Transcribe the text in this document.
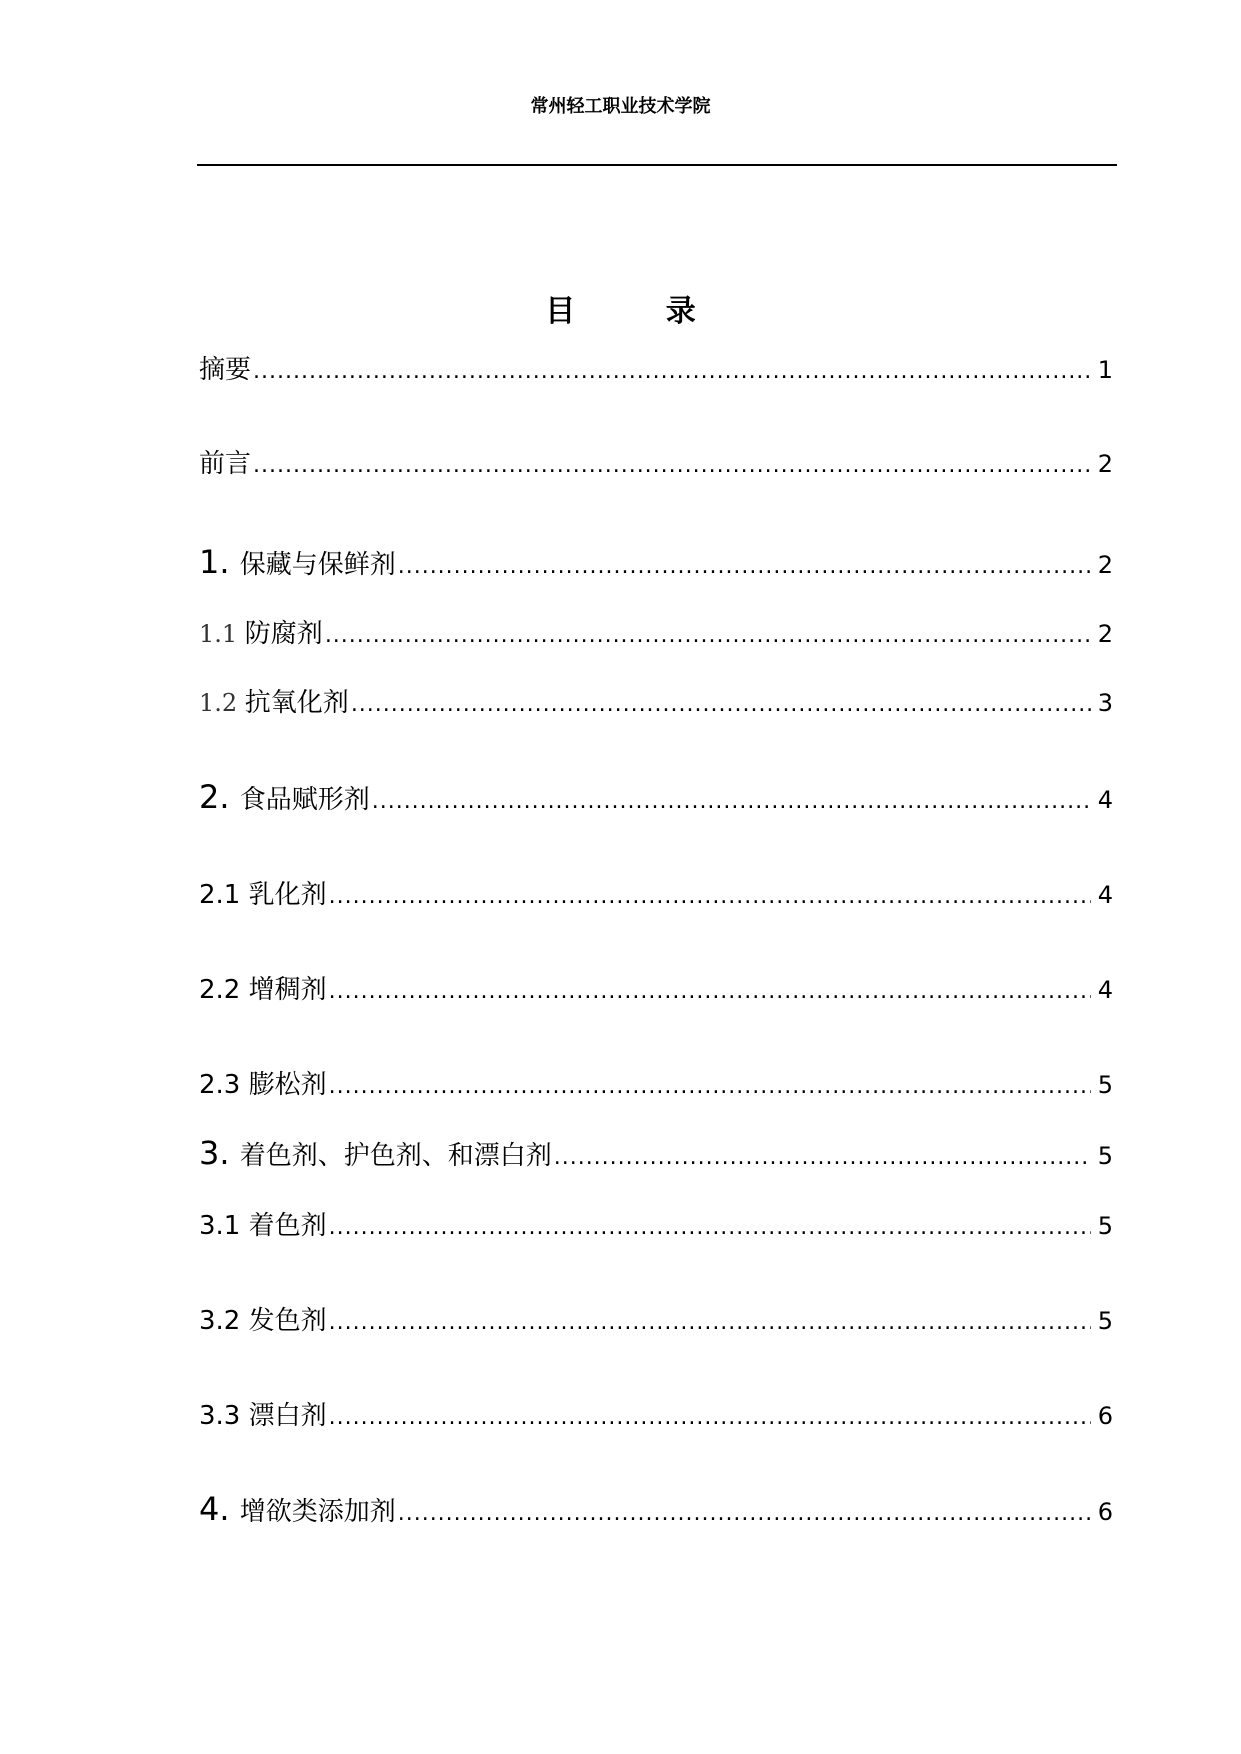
常州轻工职业技术学院
目 录
摘要 .....	1
前言 .....	2
1. 保藏与保鲜剂 .....	2
1.1 防腐剂 .....	2
1.2 抗氧化剂 .....	3
2. 食品赋形剂 .....	4
2.1 乳化剂 .....	4
2.2 增稠剂 .....	4
2.3 膨松剂 .....	5
3. 着色剂、护色剂、和漂白剂 .....	5
3.1 着色剂 .....	5
3.2 发色剂 .....	5
3.3 漂白剂 .....	6
4. 增欲类添加剂 .....	6
